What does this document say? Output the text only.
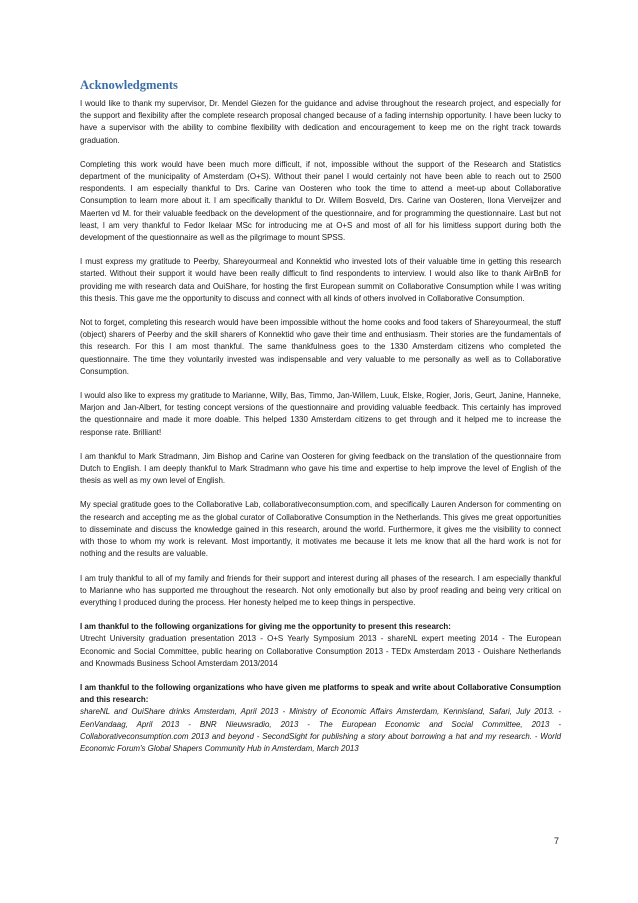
Acknowledgments

I would like to thank my supervisor, Dr. Mendel Giezen for the guidance and advise throughout the research project, and especially for the support and flexibility after the complete research proposal changed because of a fading internship opportunity. I have been lucky to have a supervisor with the ability to combine flexibility with dedication and encouragement to keep me on the right track towards graduation.

Completing this work would have been much more difficult, if not, impossible without the support of the Research and Statistics department of the municipality of Amsterdam (O+S). Without their panel I would certainly not have been able to reach out to 2500 respondents. I am especially thankful to Drs. Carine van Oosteren who took the time to attend a meet-up about Collaborative Consumption to learn more about it. I am specifically thankful to Dr. Willem Bosveld, Drs. Carine van Oosteren, Ilona Vierveijzer and Maerten vd M. for their valuable feedback on the development of the questionnaire, and for programming the questionnaire. Last but not least, I am very thankful to Fedor Ikelaar MSc for introducing me at O+S and most of all for his limitless support during both the development of the questionnaire as well as the pilgrimage to mount SPSS.

I must express my gratitude to Peerby, Shareyourmeal and Konnektid who invested lots of their valuable time in getting this research started. Without their support it would have been really difficult to find respondents to interview. I would also like to thank AirBnB for providing me with research data and OuiShare, for hosting the first European summit on Collaborative Consumption while I was writing this thesis. This gave me the opportunity to discuss and connect with all kinds of others involved in Collaborative Consumption.

Not to forget, completing this research would have been impossible without the home cooks and food takers of Shareyourmeal, the stuff (object) sharers of Peerby and the skill sharers of Konnektid who gave their time and enthusiasm. Their stories are the fundamentals of this research. For this I am most thankful. The same thankfulness goes to the 1330 Amsterdam citizens who completed the questionnaire. The time they voluntarily invested was indispensable and very valuable to me personally as well as to Collaborative Consumption.

I would also like to express my gratitude to Marianne, Willy, Bas, Timmo, Jan-Willem, Luuk, Elske, Rogier, Joris, Geurt, Janine, Hanneke, Marjon and Jan-Albert, for testing concept versions of the questionnaire and providing valuable feedback. This certainly has improved the questionnaire and made it more doable. This helped 1330 Amsterdam citizens to get through and it helped me to increase the response rate. Brilliant!

I am thankful to Mark Stradmann, Jim Bishop and Carine van Oosteren for giving feedback on the translation of the questionnaire from Dutch to English. I am deeply thankful to Mark Stradmann who gave his time and expertise to help improve the level of English of the thesis as well as my own level of English.

My special gratitude goes to the Collaborative Lab, collaborativeconsumption.com, and specifically Lauren Anderson for commenting on the research and accepting me as the global curator of Collaborative Consumption in the Netherlands. This gives me great opportunities to disseminate and discuss the knowledge gained in this research, around the world. Furthermore, it gives me the visibility to connect with those to whom my work is relevant. Most importantly, it motivates me because it lets me know that all the hard work is not for nothing and the results are valuable.

I am truly thankful to all of my family and friends for their support and interest during all phases of the research. I am especially thankful to Marianne who has supported me throughout the research. Not only emotionally but also by proof reading and being very critical on everything I produced during the process. Her honesty helped me to keep things in perspective.

I am thankful to the following organizations for giving me the opportunity to present this research:

Utrecht University graduation presentation 2013 - O+S Yearly Symposium 2013 - shareNL expert meeting 2014 - The European Economic and Social Committee, public hearing on Collaborative Consumption 2013 - TEDx Amsterdam 2013 - Ouishare Netherlands and Knowmads Business School Amsterdam 2013/2014

I am thankful to the following organizations who have given me platforms to speak and write about Collaborative Consumption and this research:

shareNL and OuiShare drinks Amsterdam, April 2013 - Ministry of Economic Affairs Amsterdam, Kennisland, Safari, July 2013. - EenVandaag, April 2013 - BNR Nieuwsradio, 2013 - The European Economic and Social Committee, 2013 - Collaborativeconsumption.com 2013 and beyond - SecondSight for publishing a story about borrowing a hat and my research. - World Economic Forum's Global Shapers Community Hub in Amsterdam, March 2013

7
